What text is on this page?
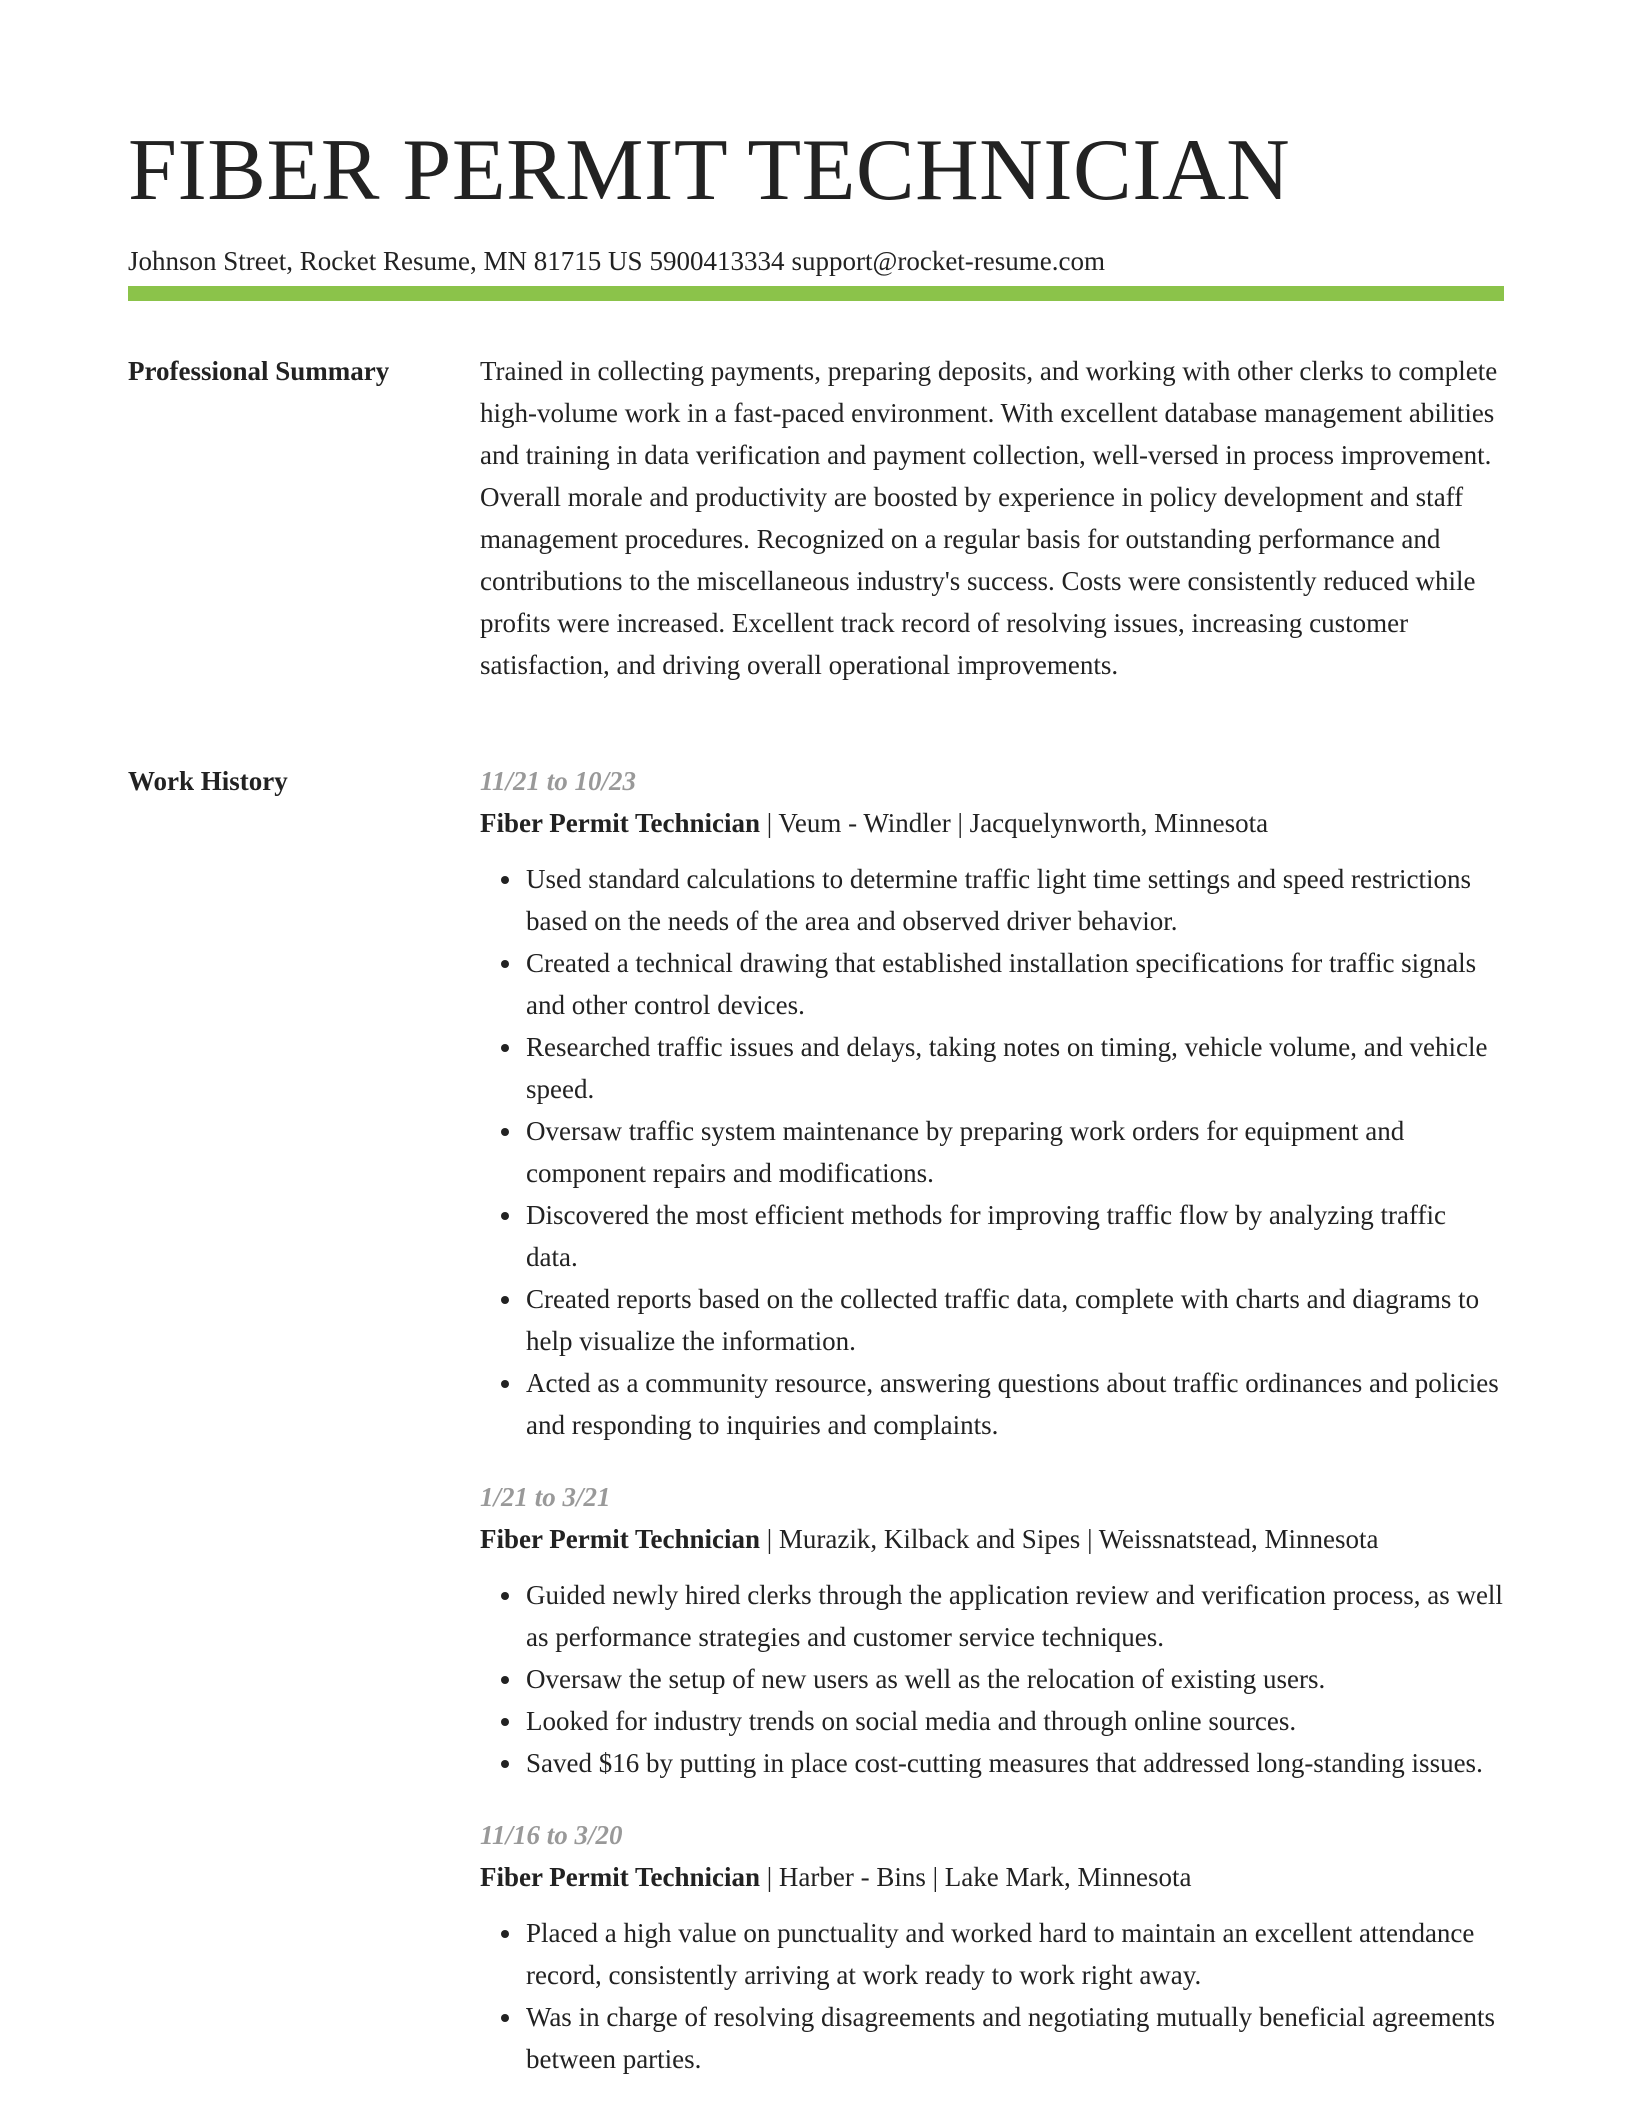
FIBER PERMIT TECHNICIAN
Johnson Street, Rocket Resume, MN 81715 US 5900413334 support@rocket-resume.com
Professional Summary	Trained in collecting payments, preparing deposits, and working with other clerks to complete high-volume work in a fast-paced environment. With excellent database management abilities and training in data verification and payment collection, well-versed in process improvement. Overall morale and productivity are boosted by experience in policy development and staff management procedures. Recognized on a regular basis for outstanding performance and contributions to the miscellaneous industry's success. Costs were consistently reduced while profits were increased. Excellent track record of resolving issues, increasing customer satisfaction, and driving overall operational improvements.

Work History	11/21 to 10/23
Fiber Permit Technician | Veum - Windler | Jacquelynworth, Minnesota
• Used standard calculations to determine traffic light time settings and speed restrictions based on the needs of the area and observed driver behavior.
• Created a technical drawing that established installation specifications for traffic signals and other control devices.
• Researched traffic issues and delays, taking notes on timing, vehicle volume, and vehicle speed.
• Oversaw traffic system maintenance by preparing work orders for equipment and component repairs and modifications.
• Discovered the most efficient methods for improving traffic flow by analyzing traffic data.
• Created reports based on the collected traffic data, complete with charts and diagrams to help visualize the information.
• Acted as a community resource, answering questions about traffic ordinances and policies and responding to inquiries and complaints.
1/21 to 3/21
Fiber Permit Technician | Murazik, Kilback and Sipes | Weissnatstead, Minnesota
• Guided newly hired clerks through the application review and verification process, as well as performance strategies and customer service techniques.
• Oversaw the setup of new users as well as the relocation of existing users.
• Looked for industry trends on social media and through online sources.
• Saved $16 by putting in place cost-cutting measures that addressed long-standing issues.
11/16 to 3/20
Fiber Permit Technician | Harber - Bins | Lake Mark, Minnesota
• Placed a high value on punctuality and worked hard to maintain an excellent attendance record, consistently arriving at work ready to work right away.
• Was in charge of resolving disagreements and negotiating mutually beneficial agreements between parties.
